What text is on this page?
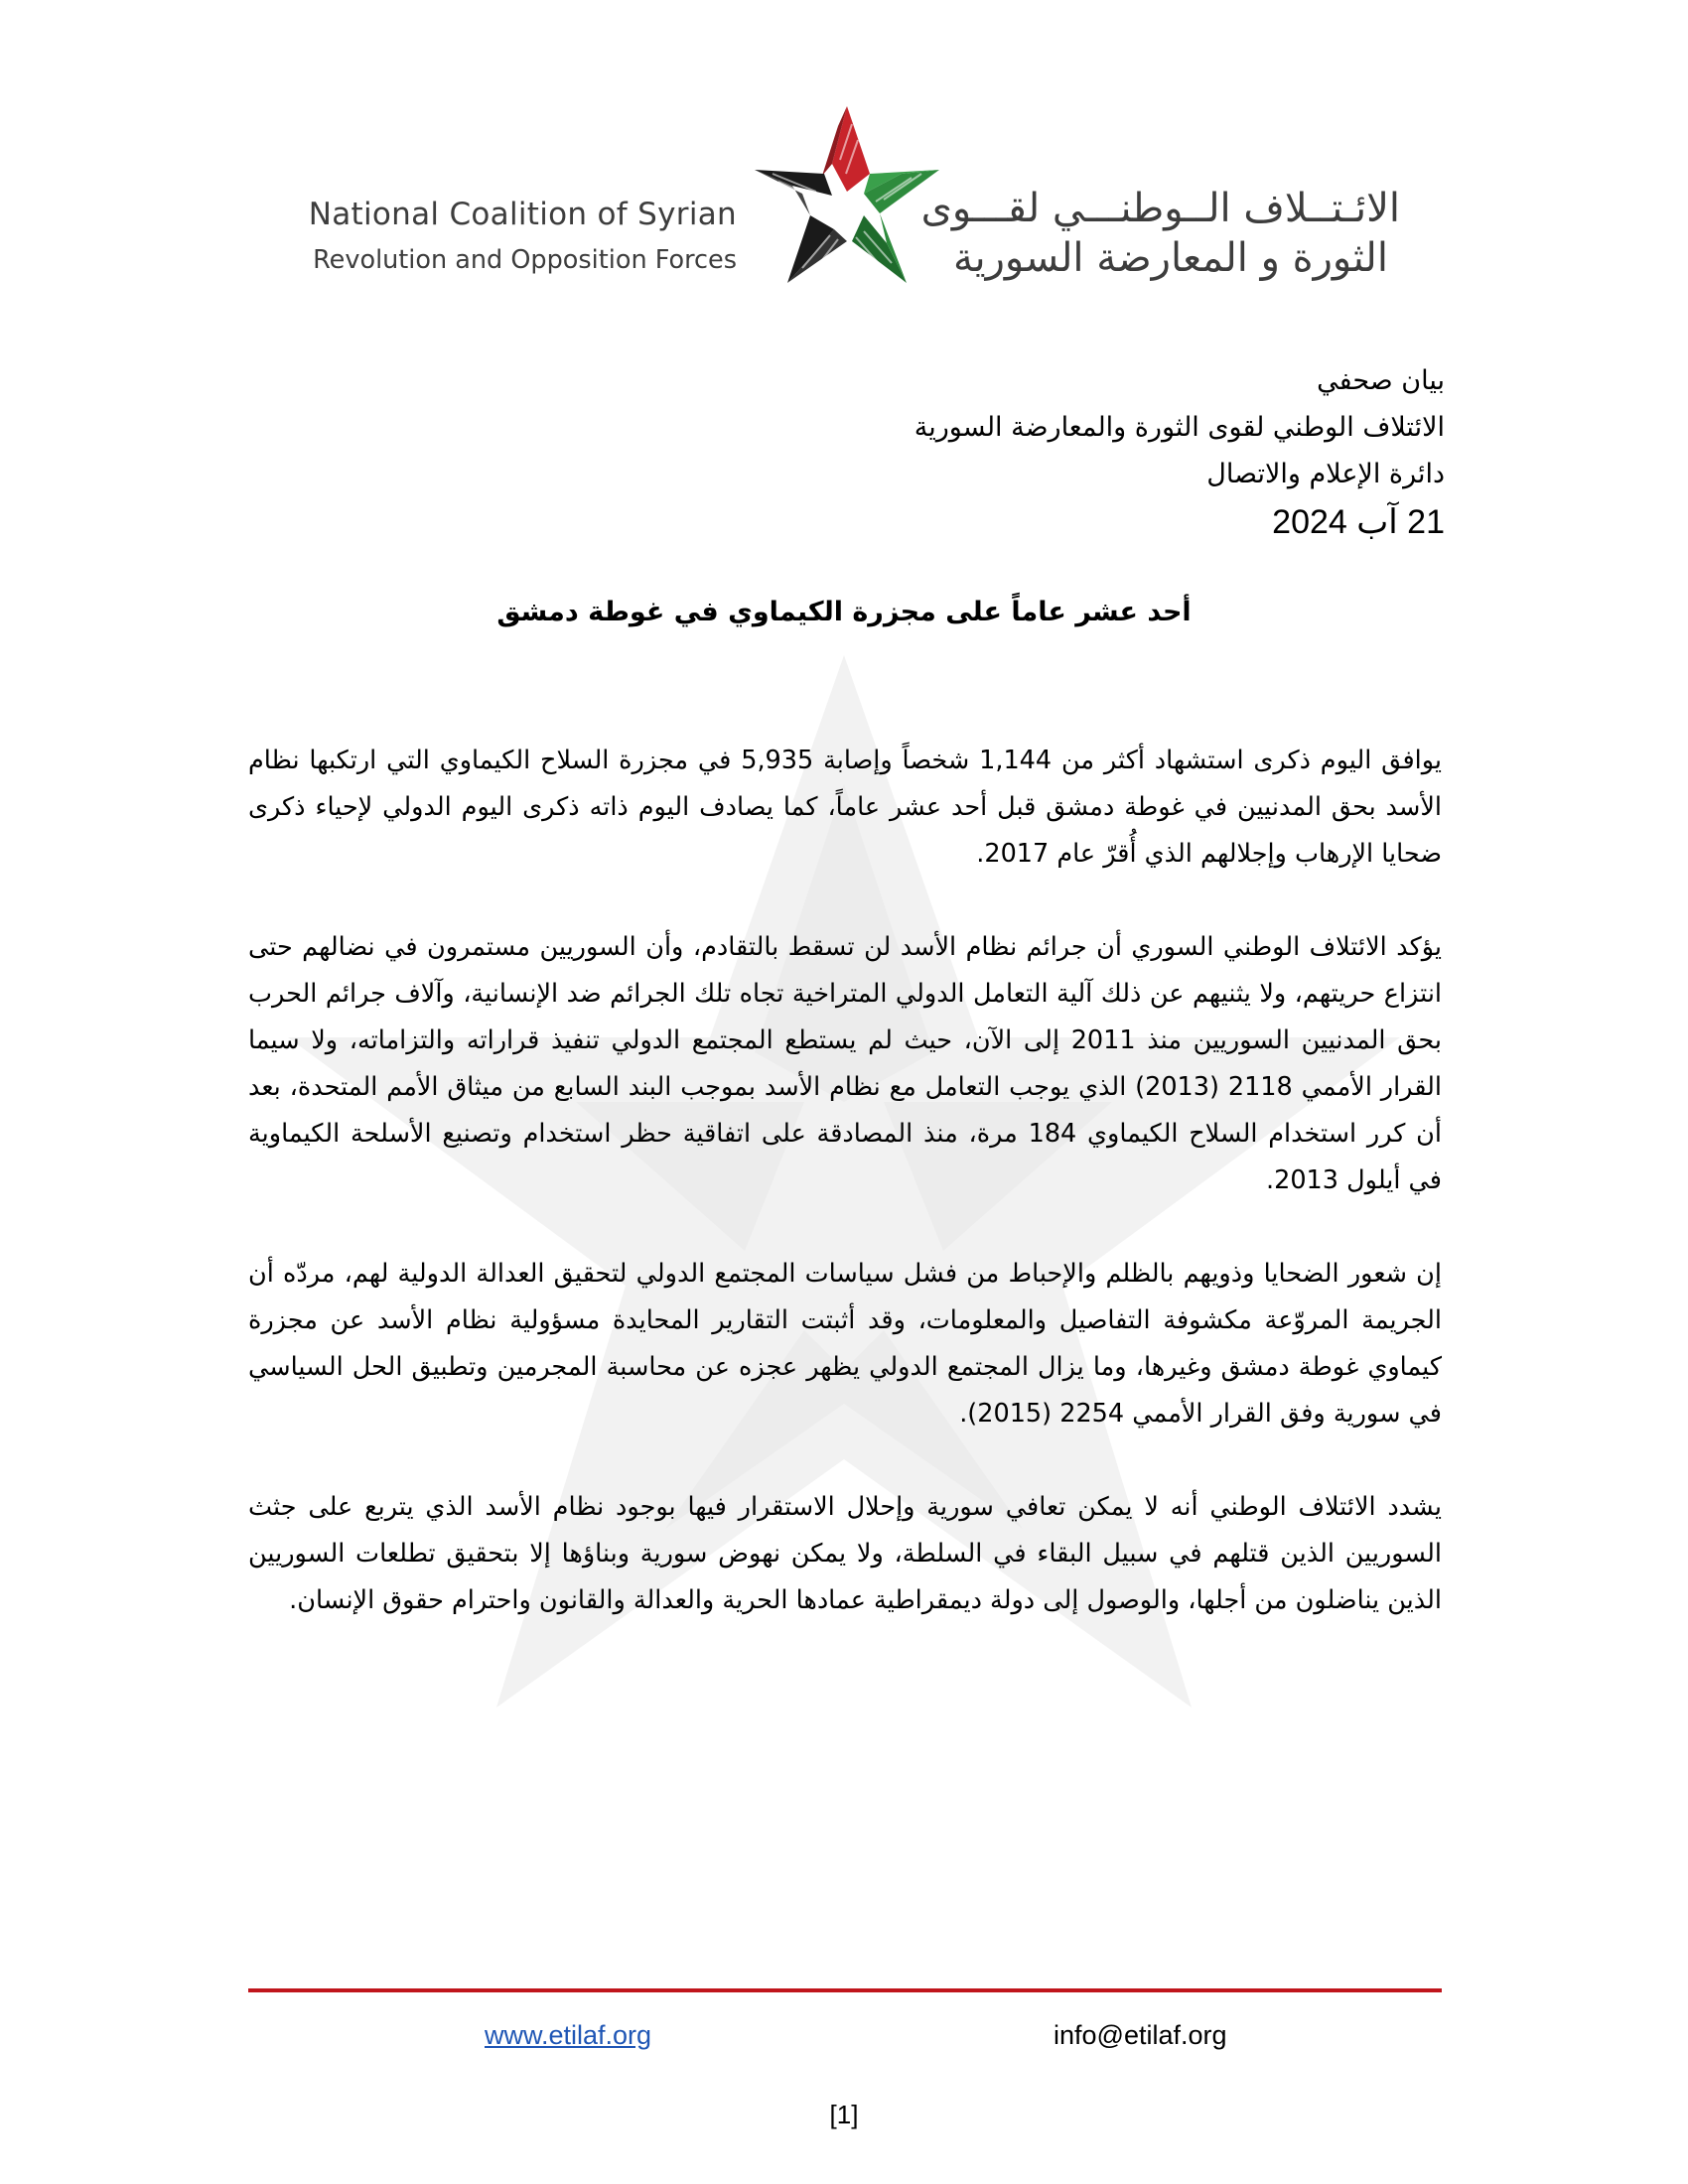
National Coalition of Syrian
Revolution and Opposition Forces
الائـتــلاف الــوطنـــي لقـــوى
الثورة و المعارضة السورية
بيان صحفي
الائتلاف الوطني لقوى الثورة والمعارضة السورية
دائرة الإعلام والاتصال
21 آب 2024
أحد عشر عاماً على مجزرة الكيماوي في غوطة دمشق

يوافق اليوم ذكرى استشهاد أكثر من 1,144 شخصاً وإصابة 5,935 في مجزرة السلاح الكيماوي التي ارتكبها نظام الأسد بحق المدنيين في غوطة دمشق قبل أحد عشر عاماً، كما يصادف اليوم ذاته ذكرى اليوم الدولي لإحياء ذكرى ضحايا الإرهاب وإجلالهم الذي أُقرّ عام 2017.

يؤكد الائتلاف الوطني السوري أن جرائم نظام الأسد لن تسقط بالتقادم، وأن السوريين مستمرون في نضالهم حتى انتزاع حريتهم، ولا يثنيهم عن ذلك آلية التعامل الدولي المتراخية تجاه تلك الجرائم ضد الإنسانية، وآلاف جرائم الحرب بحق المدنيين السوريين منذ 2011 إلى الآن، حيث لم يستطع المجتمع الدولي تنفيذ قراراته والتزاماته، ولا سيما القرار الأممي 2118 (2013) الذي يوجب التعامل مع نظام الأسد بموجب البند السابع من ميثاق الأمم المتحدة، بعد أن كرر استخدام السلاح الكيماوي 184 مرة، منذ المصادقة على اتفاقية حظر استخدام وتصنيع الأسلحة الكيماوية في أيلول 2013.

إن شعور الضحايا وذويهم بالظلم والإحباط من فشل سياسات المجتمع الدولي لتحقيق العدالة الدولية لهم، مردّه أن الجريمة المروّعة مكشوفة التفاصيل والمعلومات، وقد أثبتت التقارير المحايدة مسؤولية نظام الأسد عن مجزرة كيماوي غوطة دمشق وغيرها، وما يزال المجتمع الدولي يظهر عجزه عن محاسبة المجرمين وتطبيق الحل السياسي في سورية وفق القرار الأممي 2254 (2015).

يشدد الائتلاف الوطني أنه لا يمكن تعافي سورية وإحلال الاستقرار فيها بوجود نظام الأسد الذي يتربع على جثث السوريين الذين قتلهم في سبيل البقاء في السلطة، ولا يمكن نهوض سورية وبناؤها إلا بتحقيق تطلعات السوريين الذين يناضلون من أجلها، والوصول إلى دولة ديمقراطية عمادها الحرية والعدالة والقانون واحترام حقوق الإنسان.

www.etilaf.org	info@etilaf.org
[1]
